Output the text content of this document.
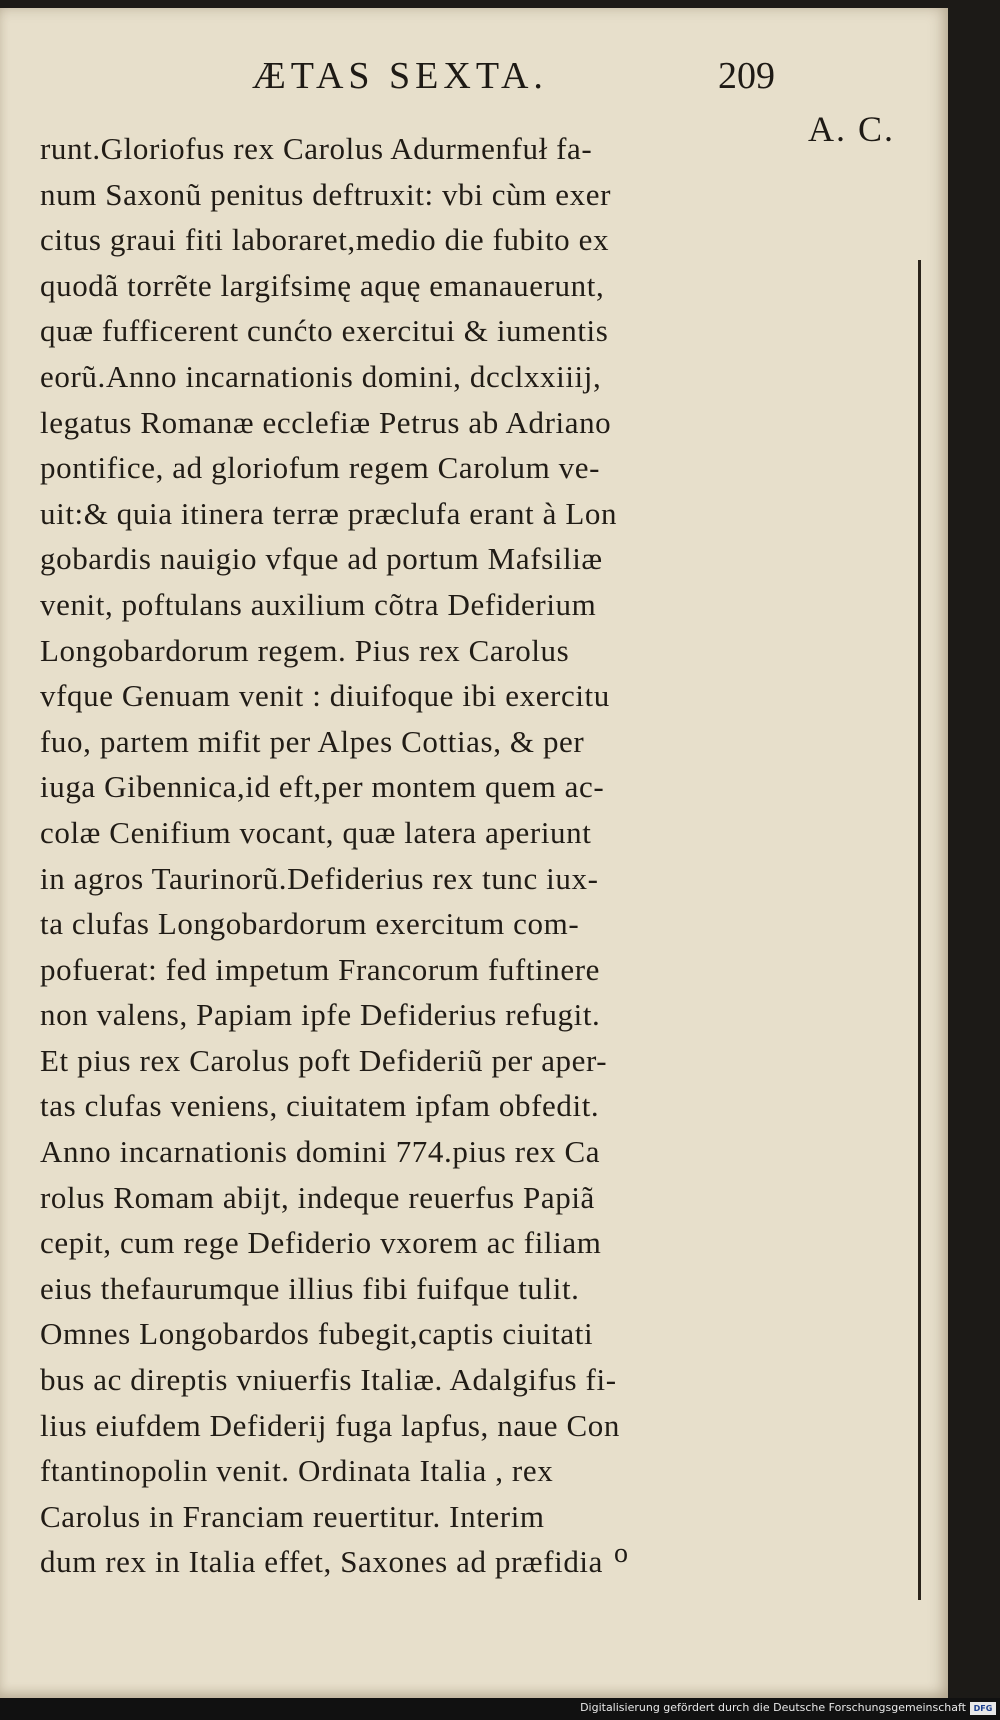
ÆTAS SEXTA.	209
A. C.
runt.Gloriofus rex Carolus Adurmenfuł fa-
num Saxonũ penitus deftruxit: vbi cùm exer
citus graui fiti laboraret,medio die fubito ex
quodã torrẽte largifsimę aquę emanauerunt,
quæ fufficerent cunćto exercitui & iumentis
eorũ.Anno incarnationis domini, dcclxxiiij,
legatus Romanæ ecclefiæ Petrus ab Adriano
pontifice, ad gloriofum regem Carolum ve-
uit:& quia itinera terræ præclufa erant à Lon
gobardis nauigio vfque ad portum Mafsiliæ
venit, poftulans auxilium cõtra Defiderium
Longobardorum regem. Pius rex Carolus
vfque Genuam venit : diuifoque ibi exercitu
fuo, partem mifit per Alpes Cottias, & per
iuga Gibennica,id eft,per montem quem ac-
colæ Cenifium vocant, quæ latera aperiunt
in agros Taurinorũ.Defiderius rex tunc iux-
ta clufas Longobardorum exercitum com-
pofuerat: fed impetum Francorum fuftinere
non valens, Papiam ipfe Defiderius refugit.
Et pius rex Carolus poft Defideriũ per aper-
tas clufas veniens, ciuitatem ipfam obfedit.
Anno incarnationis domini 774.pius rex Ca
rolus Romam abijt, indeque reuerfus Papiã
cepit, cum rege Defiderio vxorem ac filiam
eius thefaurumque illius fibi fuifque tulit.
Omnes Longobardos fubegit,captis ciuitati
bus ac direptis vniuerfis Italiæ. Adalgifus fi-
lius eiufdem Defiderij fuga lapfus, naue Con
ftantinopolin venit. Ordinata Italia , rex
Carolus in Franciam reuertitur. Interim
dum rex in Italia effet, Saxones ad præfidia o
Digitalisierung gefördert durch die Deutsche Forschungsgemeinschaft DFG
